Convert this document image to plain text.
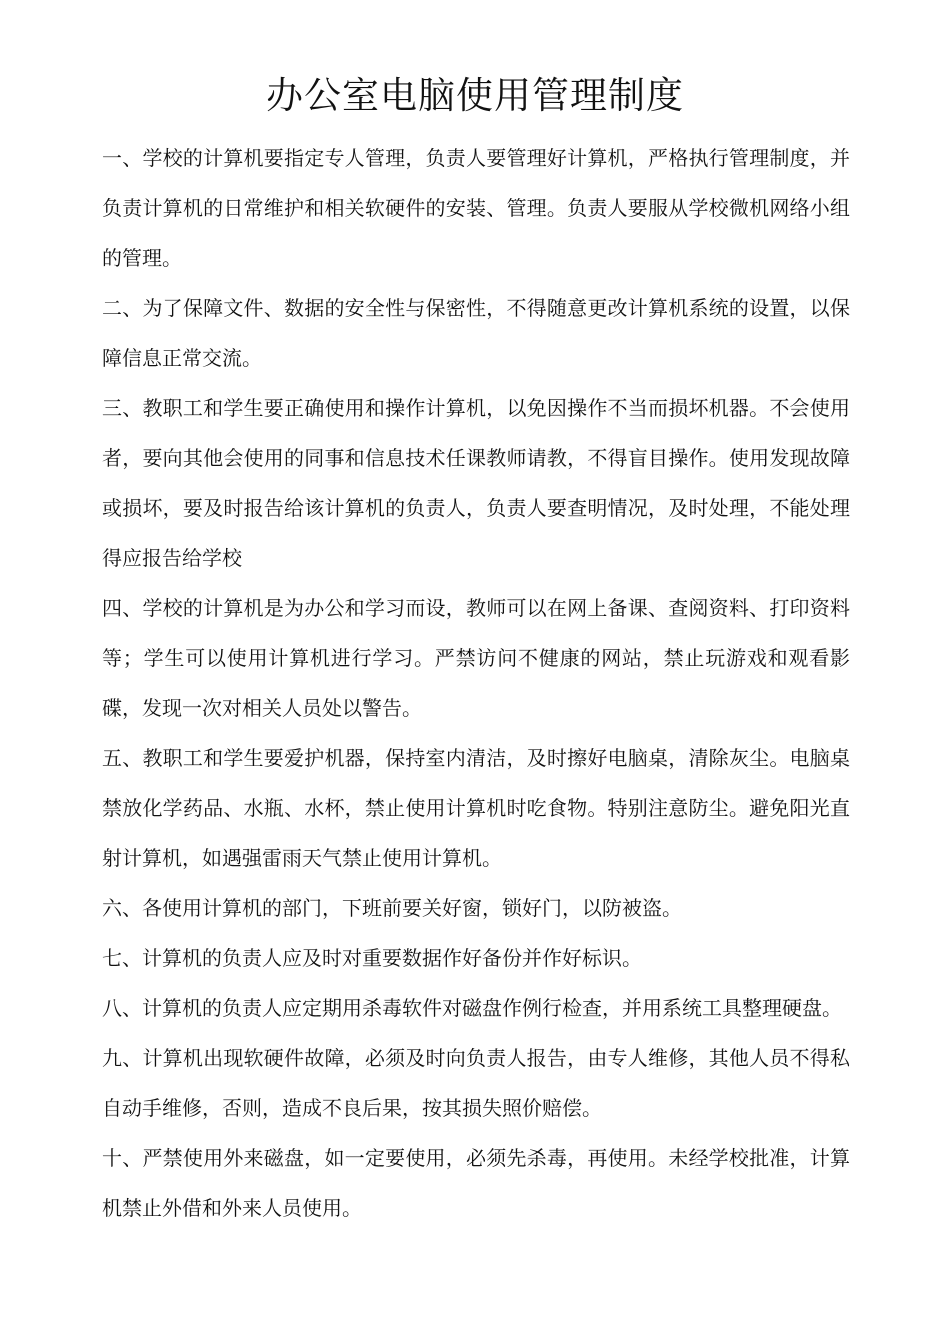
办公室电脑使用管理制度

一、学校的计算机要指定专人管理，负责人要管理好计算机，严格执行管理制度，并负责计算机的日常维护和相关软硬件的安装、管理。负责人要服从学校微机网络小组的管理。

二、为了保障文件、数据的安全性与保密性，不得随意更改计算机系统的设置，以保障信息正常交流。

三、教职工和学生要正确使用和操作计算机，以免因操作不当而损坏机器。不会使用者，要向其他会使用的同事和信息技术任课教师请教，不得盲目操作。使用发现故障或损坏，要及时报告给该计算机的负责人，负责人要查明情况，及时处理，不能处理得应报告给学校

四、学校的计算机是为办公和学习而设，教师可以在网上备课、查阅资料、打印资料等；学生可以使用计算机进行学习。严禁访问不健康的网站，禁止玩游戏和观看影碟，发现一次对相关人员处以警告。

五、教职工和学生要爱护机器，保持室内清洁，及时擦好电脑桌，清除灰尘。电脑桌禁放化学药品、水瓶、水杯，禁止使用计算机时吃食物。特别注意防尘。避免阳光直射计算机，如遇强雷雨天气禁止使用计算机。

六、各使用计算机的部门，下班前要关好窗，锁好门，以防被盗。

七、计算机的负责人应及时对重要数据作好备份并作好标识。

八、计算机的负责人应定期用杀毒软件对磁盘作例行检查，并用系统工具整理硬盘。

九、计算机出现软硬件故障，必须及时向负责人报告，由专人维修，其他人员不得私自动手维修，否则，造成不良后果，按其损失照价赔偿。

十、严禁使用外来磁盘，如一定要使用，必须先杀毒，再使用。未经学校批准，计算机禁止外借和外来人员使用。
